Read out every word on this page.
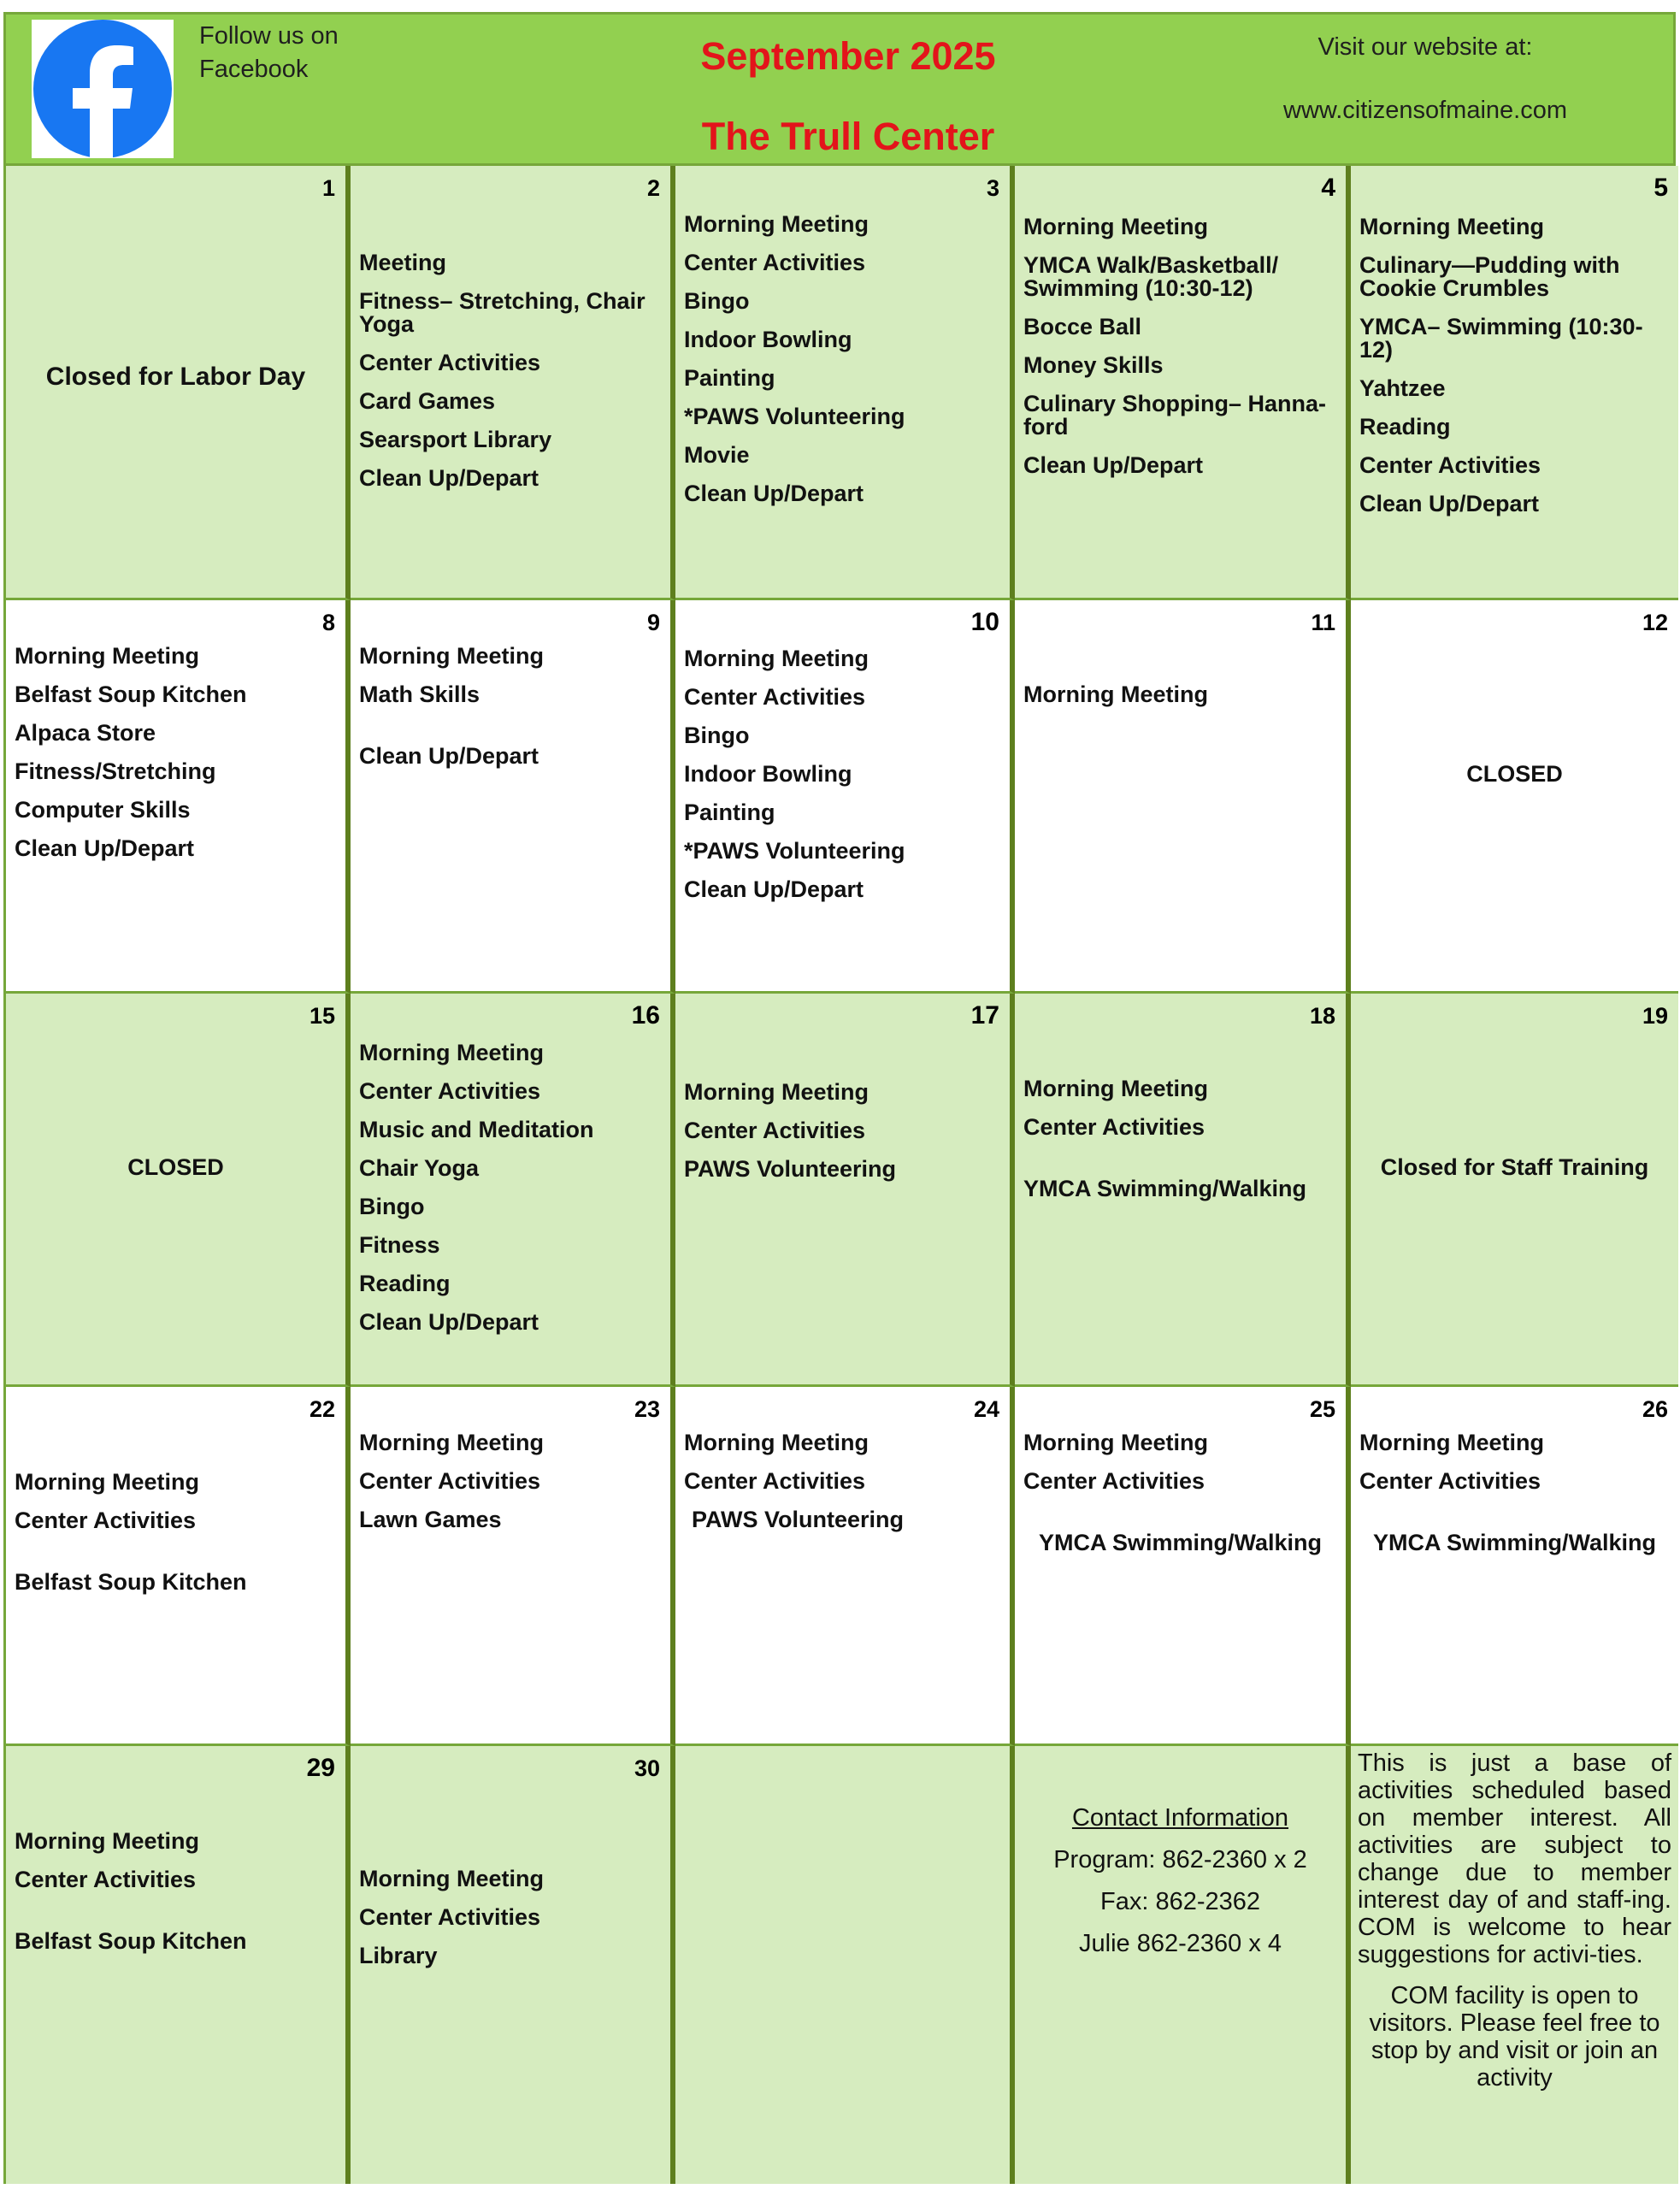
Follow us on Facebook	September 2025
The Trull Center
Visit our website at:
www.citizensofmaine.com
1
Closed for Labor Day
2
Meeting
Fitness– Stretching, Chair Yoga
Center Activities
Card Games
Searsport Library
Clean Up/Depart
3
Morning Meeting
Center Activities
Bingo
Indoor Bowling
Painting
*PAWS Volunteering
Movie
Clean Up/Depart
4
Morning Meeting
YMCA Walk/Basketball/ Swimming (10:30-12)
Bocce Ball
Money Skills
Culinary Shopping– Hanna-ford
Clean Up/Depart
5
Morning Meeting
Culinary—Pudding with Cookie Crumbles
YMCA– Swimming (10:30-12)
Yahtzee
Reading
Center Activities
Clean Up/Depart
8
Morning Meeting
Belfast Soup Kitchen
Alpaca Store
Fitness/Stretching
Computer Skills
Clean Up/Depart
9
Morning Meeting
Math Skills
Clean Up/Depart
10
Morning Meeting
Center Activities
Bingo
Indoor Bowling
Painting
*PAWS Volunteering
Clean Up/Depart
11
Morning Meeting
12
CLOSED
15
CLOSED
16
Morning Meeting
Center Activities
Music and Meditation
Chair Yoga
Bingo
Fitness
Reading
Clean Up/Depart
17
Morning Meeting
Center Activities
PAWS Volunteering
18
Morning Meeting
Center Activities
YMCA Swimming/Walking
19
Closed for Staff Training
22
Morning Meeting
Center Activities
Belfast Soup Kitchen
23
Morning Meeting
Center Activities
Lawn Games
24
Morning Meeting
Center Activities
PAWS Volunteering
25
Morning Meeting
Center Activities
YMCA Swimming/Walking
26
Morning Meeting
Center Activities
YMCA Swimming/Walking
29
Morning Meeting
Center Activities
Belfast Soup Kitchen
30
Morning Meeting
Center Activities
Library
Contact Information
Program: 862-2360 x 2
Fax: 862-2362
Julie 862-2360 x 4
This is just a base of activities scheduled based on member interest. All activities are subject to change due to member interest day of and staff-ing. COM is welcome to hear suggestions for activi-ties.
COM facility is open to visitors. Please feel free to stop by and visit or join an activity
